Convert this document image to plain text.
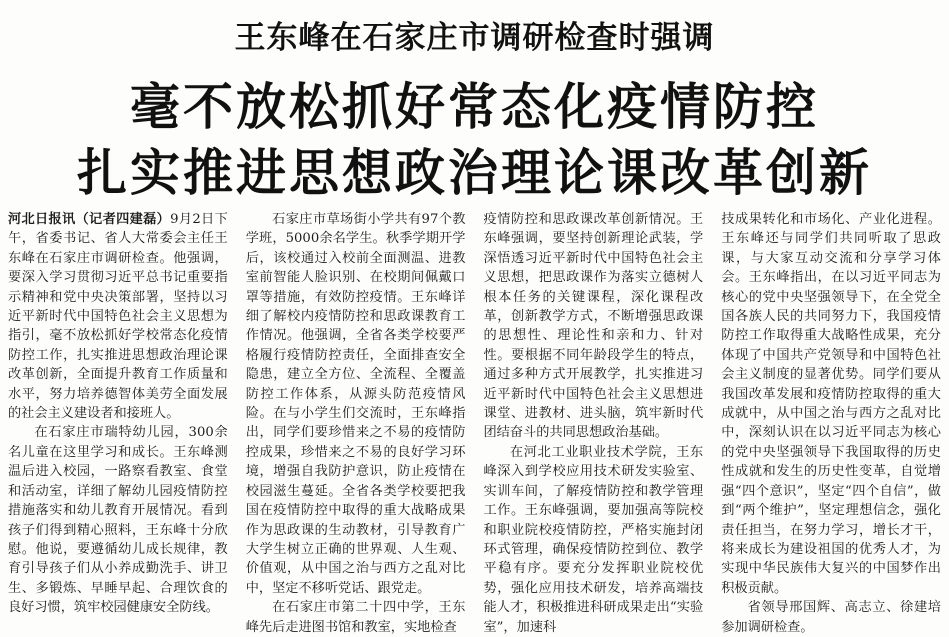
王东峰在石家庄市调研检查时强调
毫不放松抓好常态化疫情防控
扎实推进思想政治理论课改革创新

河北日报讯（记者四建磊）9月2日下午，省委书记、省人大常委会主任王东峰在石家庄市调研检查。他强调，要深入学习贯彻习近平总书记重要指示精神和党中央决策部署，坚持以习近平新时代中国特色社会主义思想为指引，毫不放松抓好学校常态化疫情防控工作，扎实推进思想政治理论课改革创新，全面提升教育工作质量和水平，努力培养德智体美劳全面发展的社会主义建设者和接班人。

在石家庄市瑞特幼儿园，300余名儿童在这里学习和成长。王东峰测温后进入校园，一路察看教室、食堂和活动室，详细了解幼儿园疫情防控措施落实和幼儿教育开展情况。看到孩子们得到精心照料，王东峰十分欣慰。他说，要遵循幼儿成长规律，教育引导孩子们从小养成勤洗手、讲卫生、多锻炼、早睡早起、合理饮食的良好习惯，筑牢校园健康安全防线。

石家庄市草场街小学共有97个教学班，5000余名学生。秋季学期开学后，该校通过入校前全面测温、进教室前智能人脸识别、在校期间佩戴口罩等措施，有效防控疫情。王东峰详细了解校内疫情防控和思政课教育工作情况。他强调，全省各类学校要严格履行疫情防控责任，全面排查安全隐患，建立全方位、全流程、全覆盖防控工作体系，从源头防范疫情风险。在与小学生们交流时，王东峰指出，同学们要珍惜来之不易的疫情防控成果，珍惜来之不易的良好学习环境，增强自我防护意识，防止疫情在校园滋生蔓延。全省各类学校要把我国在疫情防控中取得的重大战略成果作为思政课的生动教材，引导教育广大学生树立正确的世界观、人生观、价值观，从中国之治与西方之乱对比中，坚定不移听党话、跟党走。

在石家庄市第二十四中学，王东峰先后走进图书馆和教室，实地检查

疫情防控和思政课改革创新情况。王东峰强调，要坚持创新理论武装，学深悟透习近平新时代中国特色社会主义思想，把思政课作为落实立德树人根本任务的关键课程，深化课程改革，创新教学方式，不断增强思政课的思想性、理论性和亲和力、针对性。要根据不同年龄段学生的特点，通过多种方式开展教学，扎实推进习近平新时代中国特色社会主义思想进课堂、进教材、进头脑，筑牢新时代团结奋斗的共同思想政治基础。

在河北工业职业技术学院，王东峰深入到学校应用技术研发实验室、实训车间，了解疫情防控和教学管理工作。王东峰强调，要加强高等院校和职业院校疫情防控，严格实施封闭环式管理，确保疫情防控到位、教学平稳有序。要充分发挥职业院校优势，强化应用技术研发，培养高端技能人才，积极推进科研成果走出“实验室”，加速科

技成果转化和市场化、产业化进程。王东峰还与同学们共同听取了思政课，与大家互动交流和分享学习体会。王东峰指出，在以习近平同志为核心的党中央坚强领导下，在全党全国各族人民的共同努力下，我国疫情防控工作取得重大战略性成果，充分体现了中国共产党领导和中国特色社会主义制度的显著优势。同学们要从我国改革发展和疫情防控取得的重大成就中，从中国之治与西方之乱对比中，深刻认识在以习近平同志为核心的党中央坚强领导下我国取得的历史性成就和发生的历史性变革，自觉增强“四个意识”，坚定“四个自信”，做到“两个维护”，坚定理想信念，强化责任担当，在努力学习，增长才干，将来成长为建设祖国的优秀人才，为实现中华民族伟大复兴的中国梦作出积极贡献。

省领导邢国辉、高志立、徐建培参加调研检查。
